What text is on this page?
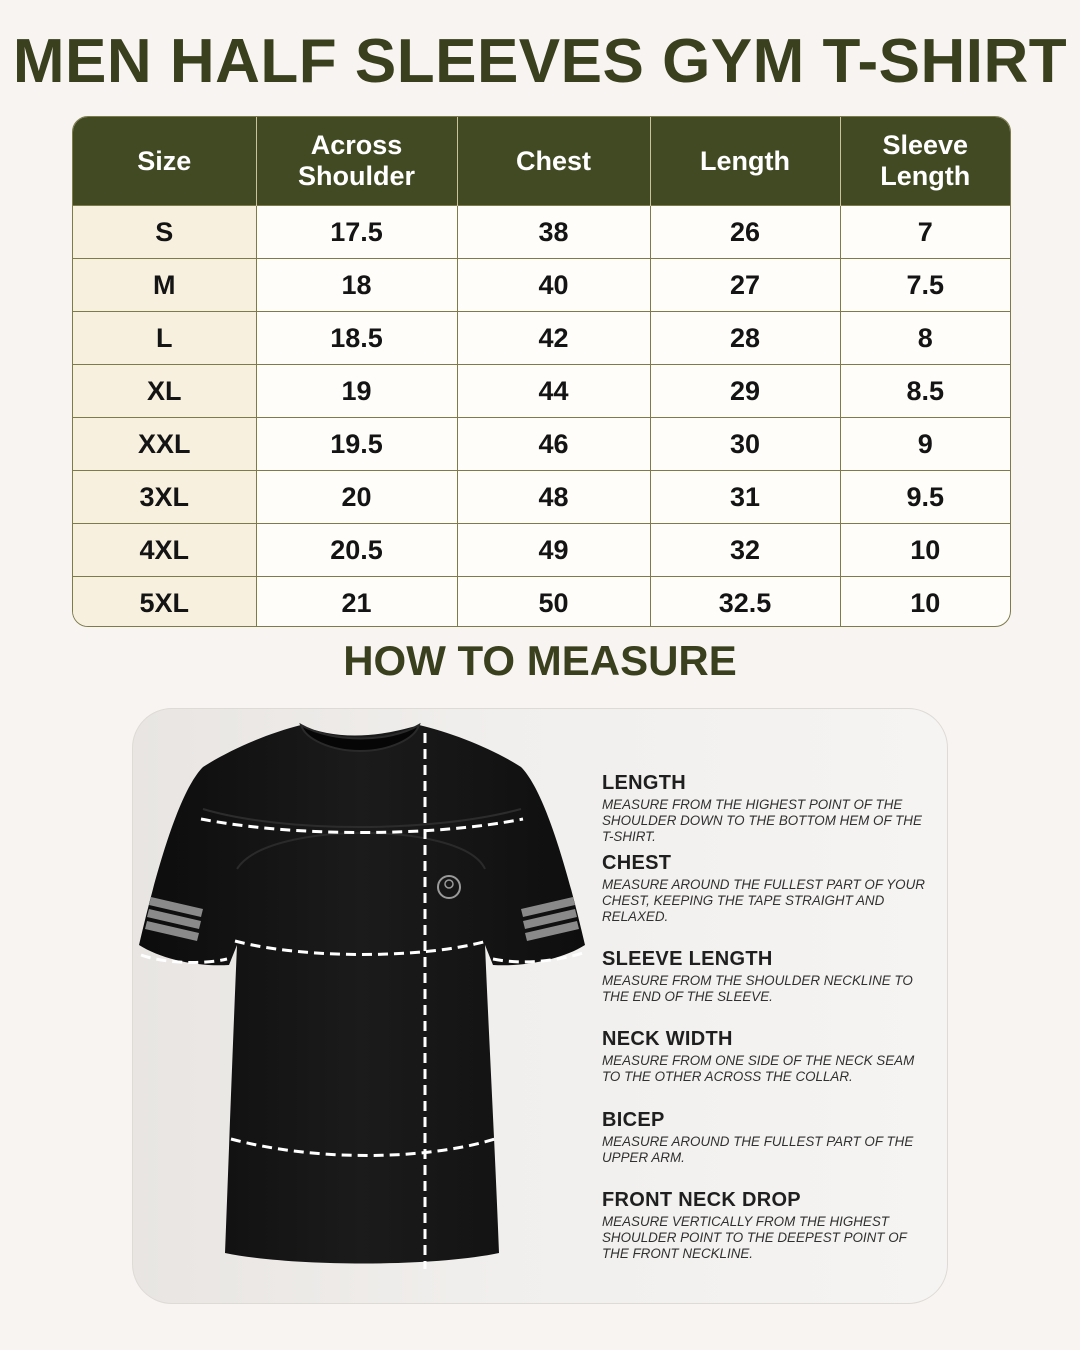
MEN HALF SLEEVES GYM T-SHIRT
Size	Across Shoulder	Chest	Length	Sleeve Length
S	17.5	38	26	7
M	18	40	27	7.5
L	18.5	42	28	8
XL	19	44	29	8.5
XXL	19.5	46	30	9
3XL	20	48	31	9.5
4XL	20.5	49	32	10
5XL	21	50	32.5	10
HOW TO MEASURE
LENGTH
MEASURE FROM THE HIGHEST POINT OF THE SHOULDER DOWN TO THE BOTTOM HEM OF THE T-SHIRT.
CHEST
MEASURE AROUND THE FULLEST PART OF YOUR CHEST, KEEPING THE TAPE STRAIGHT AND RELAXED.
SLEEVE LENGTH
MEASURE FROM THE SHOULDER NECKLINE TO THE END OF THE SLEEVE.
NECK WIDTH
MEASURE FROM ONE SIDE OF THE NECK SEAM TO THE OTHER ACROSS THE COLLAR.
BICEP
MEASURE AROUND THE FULLEST PART OF THE UPPER ARM.
FRONT NECK DROP
MEASURE VERTICALLY FROM THE HIGHEST SHOULDER POINT TO THE DEEPEST POINT OF THE FRONT NECKLINE.
